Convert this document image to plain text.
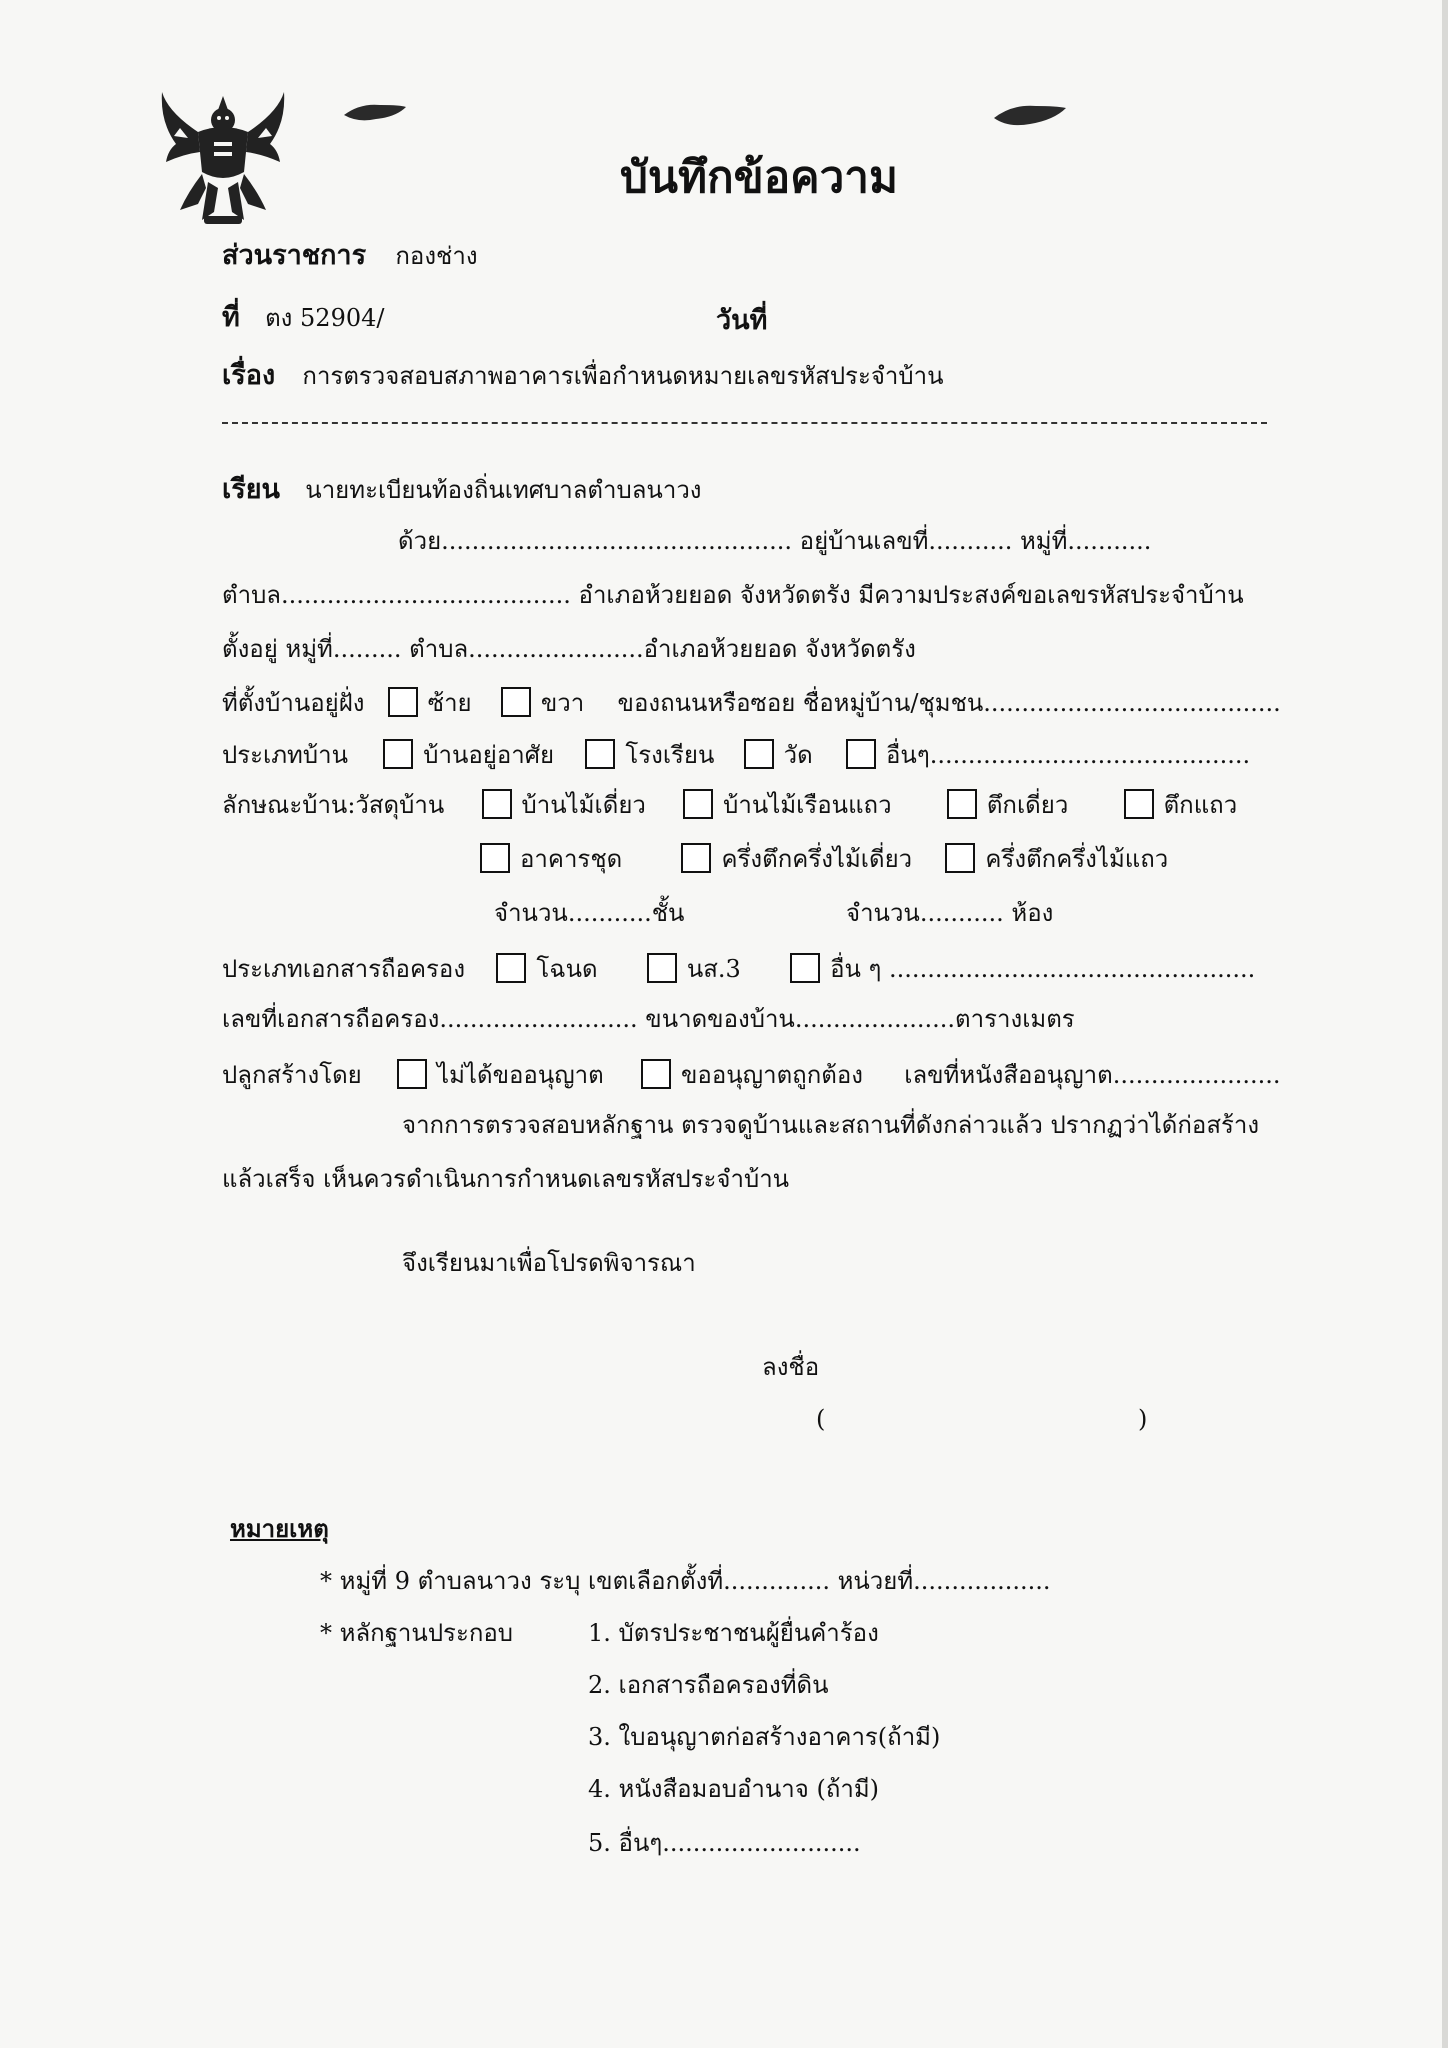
บันทึกข้อความ
ส่วนราชการ กองช่าง
ที่ ตง 52904/	วันที่
เรื่อง การตรวจสอบสภาพอาคารเพื่อกำหนดหมายเลขรหัสประจำบ้าน
เรียน นายทะเบียนท้องถิ่นเทศบาลตำบลนาวง
ด้วย.............................................. อยู่บ้านเลขที่........... หมู่ที่...........
ตำบล...................................... อำเภอห้วยยอด จังหวัดตรัง มีความประสงค์ขอเลขรหัสประจำบ้าน
ตั้งอยู่ หมู่ที่......... ตำบล.......................อำเภอห้วยยอด จังหวัดตรัง
ที่ตั้งบ้านอยู่ฝั่ง	ซ้าย	ขวา ของถนนหรือซอย ชื่อหมู่บ้าน/ชุมชน.......................................
ประเภทบ้าน	บ้านอยู่อาศัย	โรงเรียน	วัด	อื่นๆ..........................................
ลักษณะบ้าน:วัสดุบ้าน	บ้านไม้เดี่ยว	บ้านไม้เรือนแถว	ตึกเดี่ยว	ตึกแถว
อาคารชุด	ครึ่งตึกครึ่งไม้เดี่ยว	ครึ่งตึกครึ่งไม้แถว
จำนวน...........ชั้น	จำนวน........... ห้อง
ประเภทเอกสารถือครอง	โฉนด	นส.3	อื่น ๆ ................................................
เลขที่เอกสารถือครอง.......................... ขนาดของบ้าน.....................ตารางเมตร
ปลูกสร้างโดย	ไม่ได้ขออนุญาต	ขออนุญาตถูกต้อง เลขที่หนังสืออนุญาต......................
จากการตรวจสอบหลักฐาน ตรวจดูบ้านและสถานที่ดังกล่าวแล้ว ปรากฏว่าได้ก่อสร้าง
แล้วเสร็จ เห็นควรดำเนินการกำหนดเลขรหัสประจำบ้าน
จึงเรียนมาเพื่อโปรดพิจารณา
ลงชื่อ
(	)
หมายเหตุ
* หมู่ที่ 9 ตำบลนาวง ระบุ เขตเลือกตั้งที่.............. หน่วยที่..................
* หลักฐานประกอบ	1. บัตรประชาชนผู้ยื่นคำร้อง
2. เอกสารถือครองที่ดิน
3. ใบอนุญาตก่อสร้างอาคาร(ถ้ามี)
4. หนังสือมอบอำนาจ (ถ้ามี)
5. อื่นๆ..........................
